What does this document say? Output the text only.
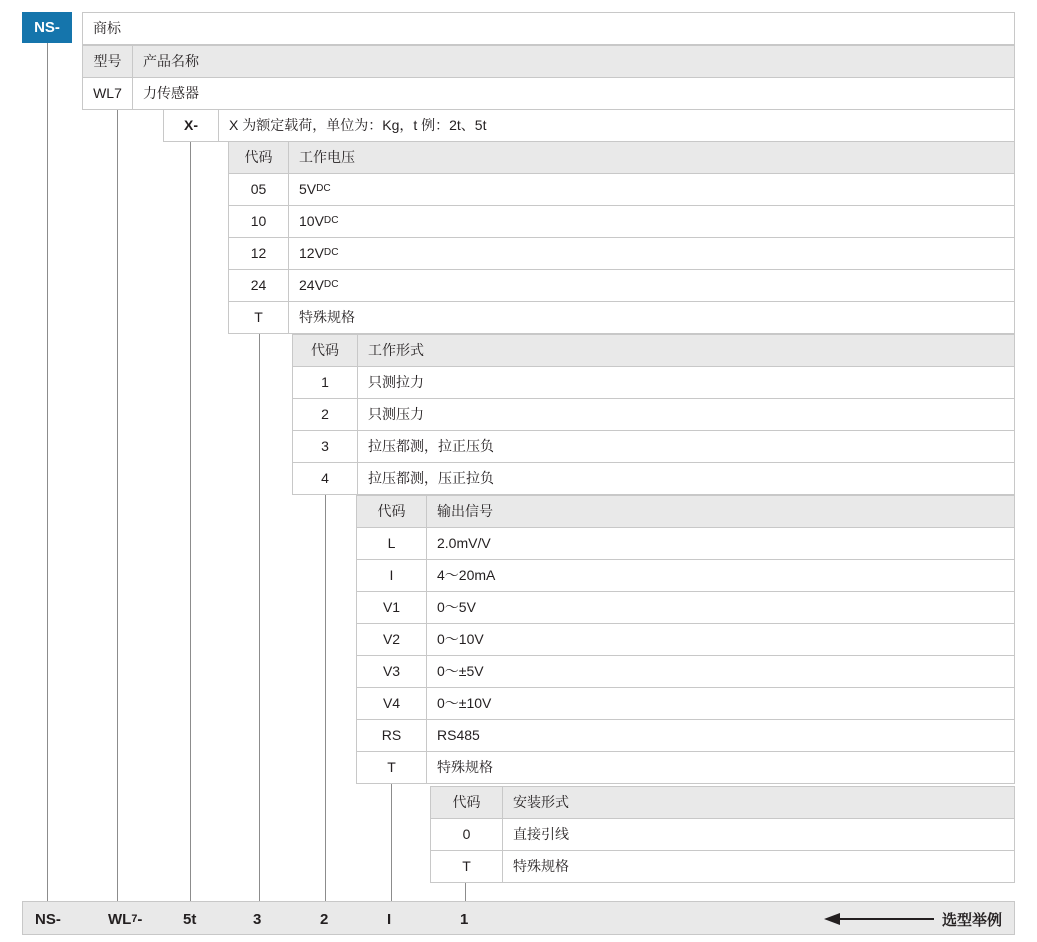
NS-	商标
型号	产品名称
WL7	力传感器
X-	X 为额定载荷，单位为：Kg，t 例：2t、5t
代码	工作电压
05	5V DC
10	10V DC
12	12V DC
24	24V DC
T	特殊规格
代码	工作形式
1	只测拉力
2	只测压力
3	拉压都测，拉正压负
4	拉压都测，压正拉负
代码	输出信号
L	2.0mV/V
I	4～20mA
V1	0～5V
V2	0～10V
V3	0～±5V
V4	0～±10V
RS	RS485
T	特殊规格
代码	安装形式
0	直接引线
T	特殊规格
NS-	WL 7 -	5t	3	2	I	1	选型举例
